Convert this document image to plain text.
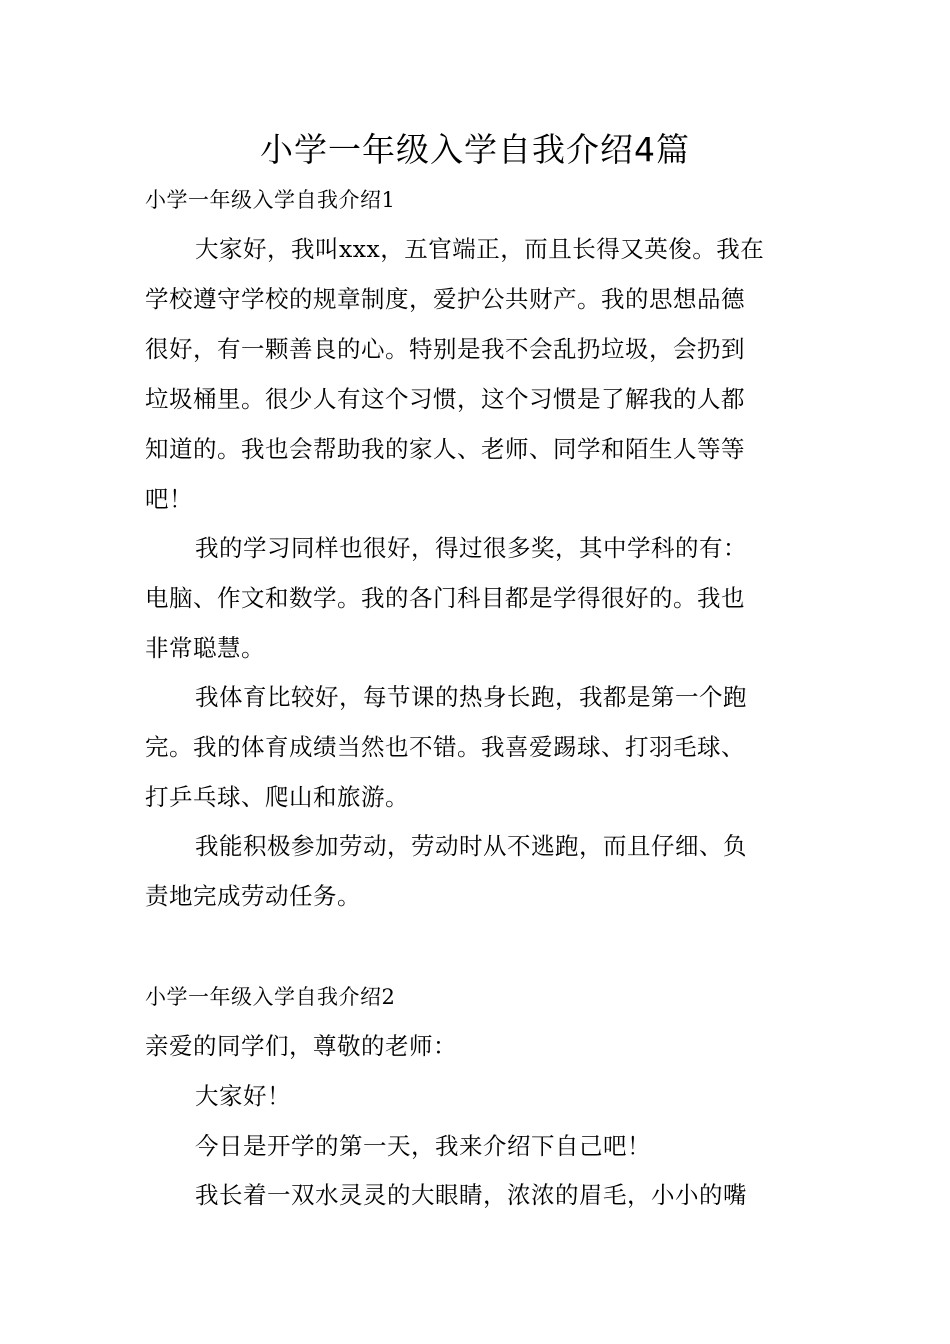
小学一年级入学自我介绍4篇
小学一年级入学自我介绍1
大家好，我叫xxx，五官端正，而且长得又英俊。我在
学校遵守学校的规章制度，爱护公共财产。我的思想品德
很好，有一颗善良的心。特别是我不会乱扔垃圾，会扔到
垃圾桶里。很少人有这个习惯，这个习惯是了解我的人都
知道的。我也会帮助我的家人、老师、同学和陌生人等等
吧！
我的学习同样也很好，得过很多奖，其中学科的有：
电脑、作文和数学。我的各门科目都是学得很好的。我也
非常聪慧。
我体育比较好，每节课的热身长跑，我都是第一个跑
完。我的体育成绩当然也不错。我喜爱踢球、打羽毛球、
打乒乓球、爬山和旅游。
我能积极参加劳动，劳动时从不逃跑，而且仔细、负
责地完成劳动任务。
小学一年级入学自我介绍2
亲爱的同学们，尊敬的老师：
大家好！
今日是开学的第一天，我来介绍下自己吧！
我长着一双水灵灵的大眼睛，浓浓的眉毛，小小的嘴
